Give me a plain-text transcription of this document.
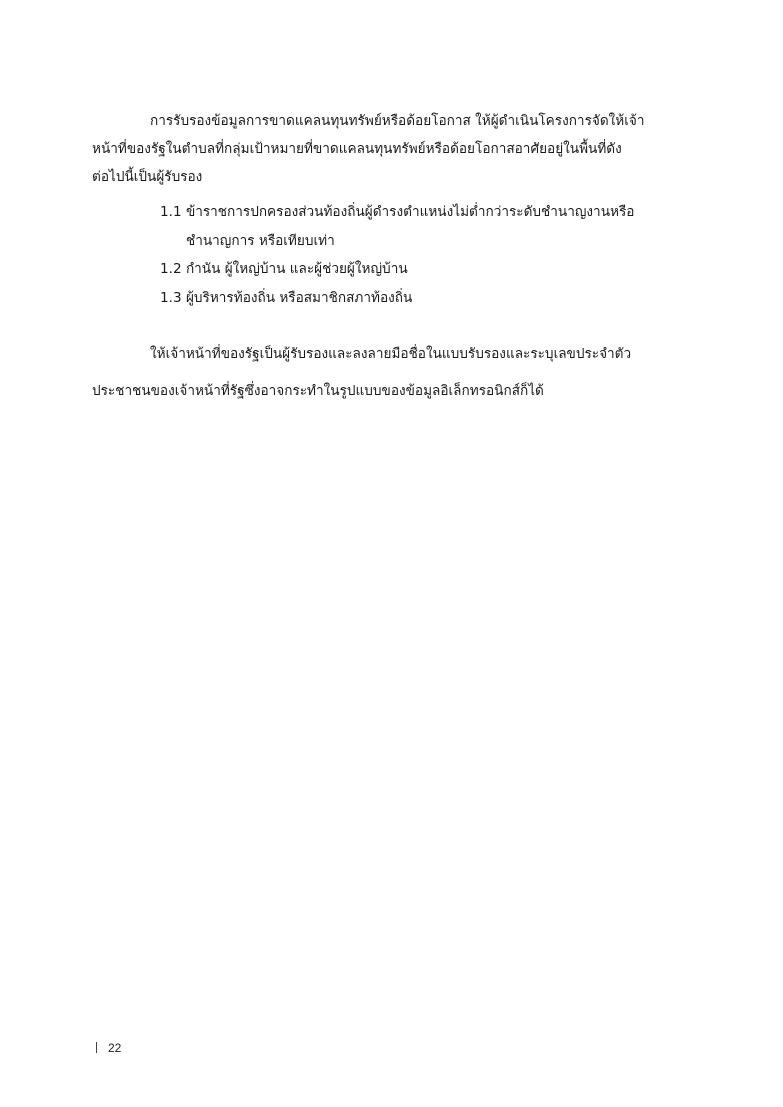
การรับรองข้อมูลการขาดแคลนทุนทรัพย์หรือด้อยโอกาส ให้ผู้ดำเนินโครงการจัดให้เจ้า
หน้าที่ของรัฐในตำบลที่กลุ่มเป้าหมายที่ขาดแคลนทุนทรัพย์หรือด้อยโอกาสอาศัยอยู่ในพื้นที่ดัง
ต่อไปนี้เป็นผู้รับรอง
1.1 ข้าราชการปกครองส่วนท้องถิ่นผู้ดำรงตำแหน่งไม่ต่ำกว่าระดับชำนาญงานหรือ
ชำนาญการ หรือเทียบเท่า
1.2 กำนัน ผู้ใหญ่บ้าน และผู้ช่วยผู้ใหญ่บ้าน
1.3 ผู้บริหารท้องถิ่น หรือสมาชิกสภาท้องถิ่น
ให้เจ้าหน้าที่ของรัฐเป็นผู้รับรองและลงลายมือชื่อในแบบรับรองและระบุเลขประจำตัว
ประชาชนของเจ้าหน้าที่รัฐซึ่งอาจกระทำในรูปแบบของข้อมูลอิเล็กทรอนิกส์ก็ได้
22
